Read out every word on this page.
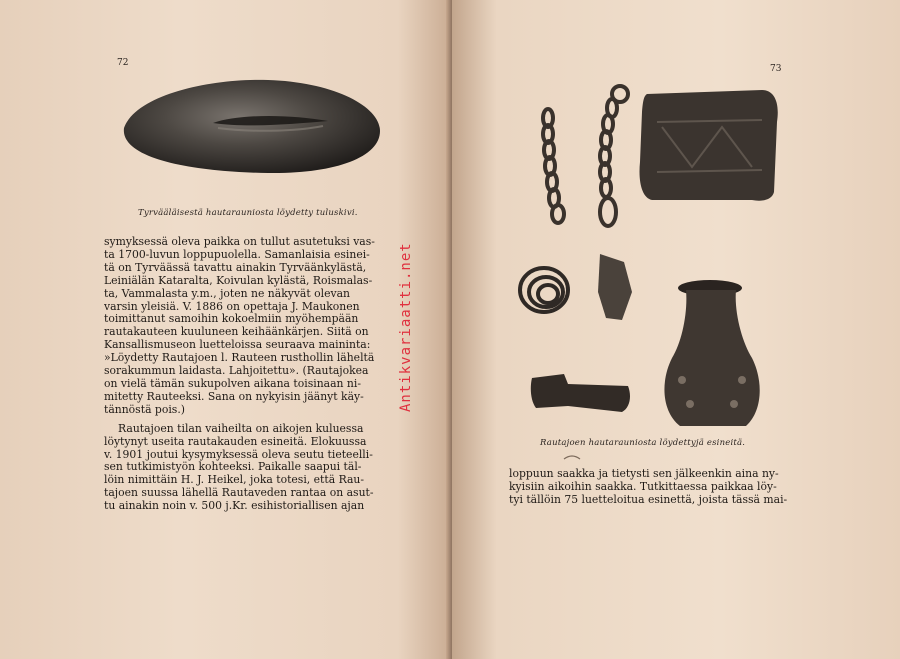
72
Tyrvääläisestä hautarauniosta löydetty tuluskivi.

symyksessä oleva paikka on tullut asutetuksi vas-
ta 1700-luvun loppupuolella. Samanlaisia esinei-
tä on Tyrväässä tavattu ainakin Tyrväänkylästä,
Leiniälän Kataralta, Koivulan kylästä, Roismalas-
ta, Vammalasta y.m., joten ne näkyvät olevan
varsin yleisiä. V. 1886 on opettaja J. Maukonen
toimittanut samoihin kokoelmiin myöhempään
rautakauteen kuuluneen keihäänkärjen. Siitä on
Kansallismuseon luetteloissa seuraava maininta:
»Löydetty Rautajoen l. Rauteen rusthollin läheltä
sorakummun laidasta. Lahjoitettu». (Rautajokea
on vielä tämän sukupolven aikana toisinaan ni-
mitetty Rauteeksi. Sana on nykyisin jäänyt käy-
tännöstä pois.)

Rautajoen tilan vaiheilta on aikojen kuluessa
löytynyt useita rautakauden esineitä. Elokuussa
v. 1901 joutui kysymyksessä oleva seutu tieteelli-
sen tutkimistyön kohteeksi. Paikalle saapui täl-
löin nimittäin H. J. Heikel, joka totesi, että Rau-
tajoen suussa lähellä Rautaveden rantaa on asut-
tu ainakin noin v. 500 j.Kr. esihistoriallisen ajan

Antikvariaatti.net
73
Rautajoen hautarauniosta löydettyjä esineitä.

loppuun saakka ja tietysti sen jälkeenkin aina ny-
kyisiin aikoihin saakka. Tutkittaessa paikkaa löy-
tyi tällöin 75 luetteloitua esinettä, joista tässä mai-
